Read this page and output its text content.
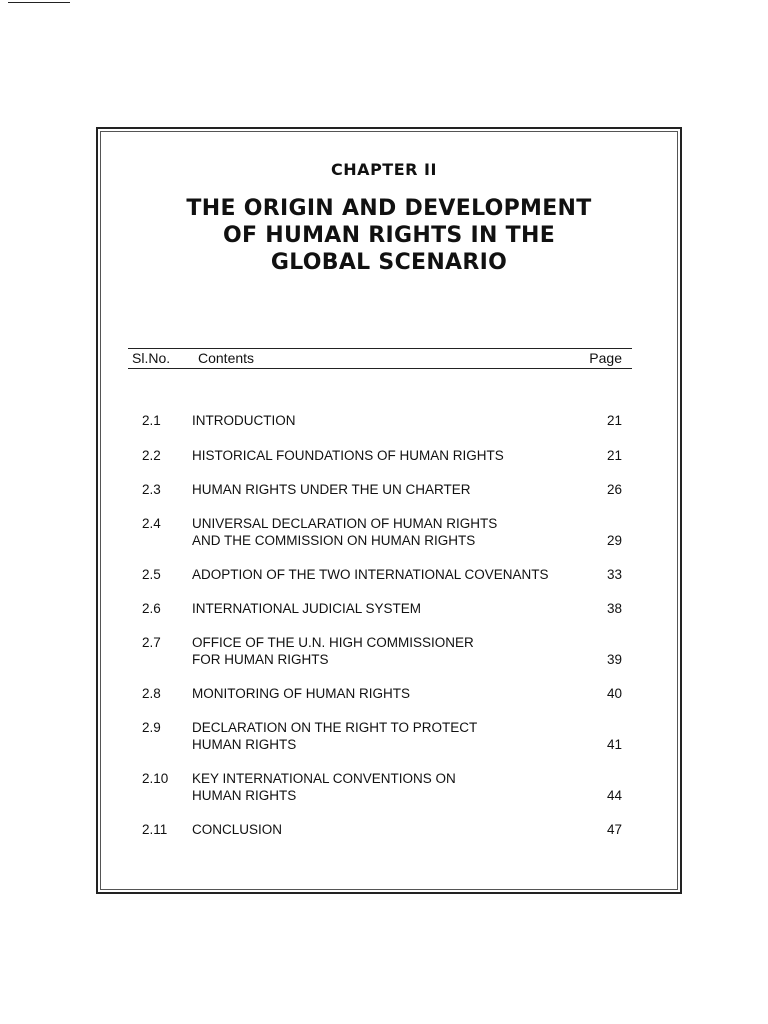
CHAPTER II
THE ORIGIN AND DEVELOPMENT
OF HUMAN RIGHTS IN THE
GLOBAL SCENARIO
Sl.No. Contents	Page
2.1 INTRODUCTION	21
2.2 HISTORICAL FOUNDATIONS OF HUMAN RIGHTS	21
2.3 HUMAN RIGHTS UNDER THE UN CHARTER	26
2.4 UNIVERSAL DECLARATION OF HUMAN RIGHTS
AND THE COMMISSION ON HUMAN RIGHTS	29
2.5 ADOPTION OF THE TWO INTERNATIONAL COVENANTS	33
2.6 INTERNATIONAL JUDICIAL SYSTEM	38
2.7 OFFICE OF THE U.N. HIGH COMMISSIONER
FOR HUMAN RIGHTS	39
2.8 MONITORING OF HUMAN RIGHTS	40
2.9 DECLARATION ON THE RIGHT TO PROTECT
HUMAN RIGHTS	41
2.10 KEY INTERNATIONAL CONVENTIONS ON
HUMAN RIGHTS	44
2.11 CONCLUSION	47
